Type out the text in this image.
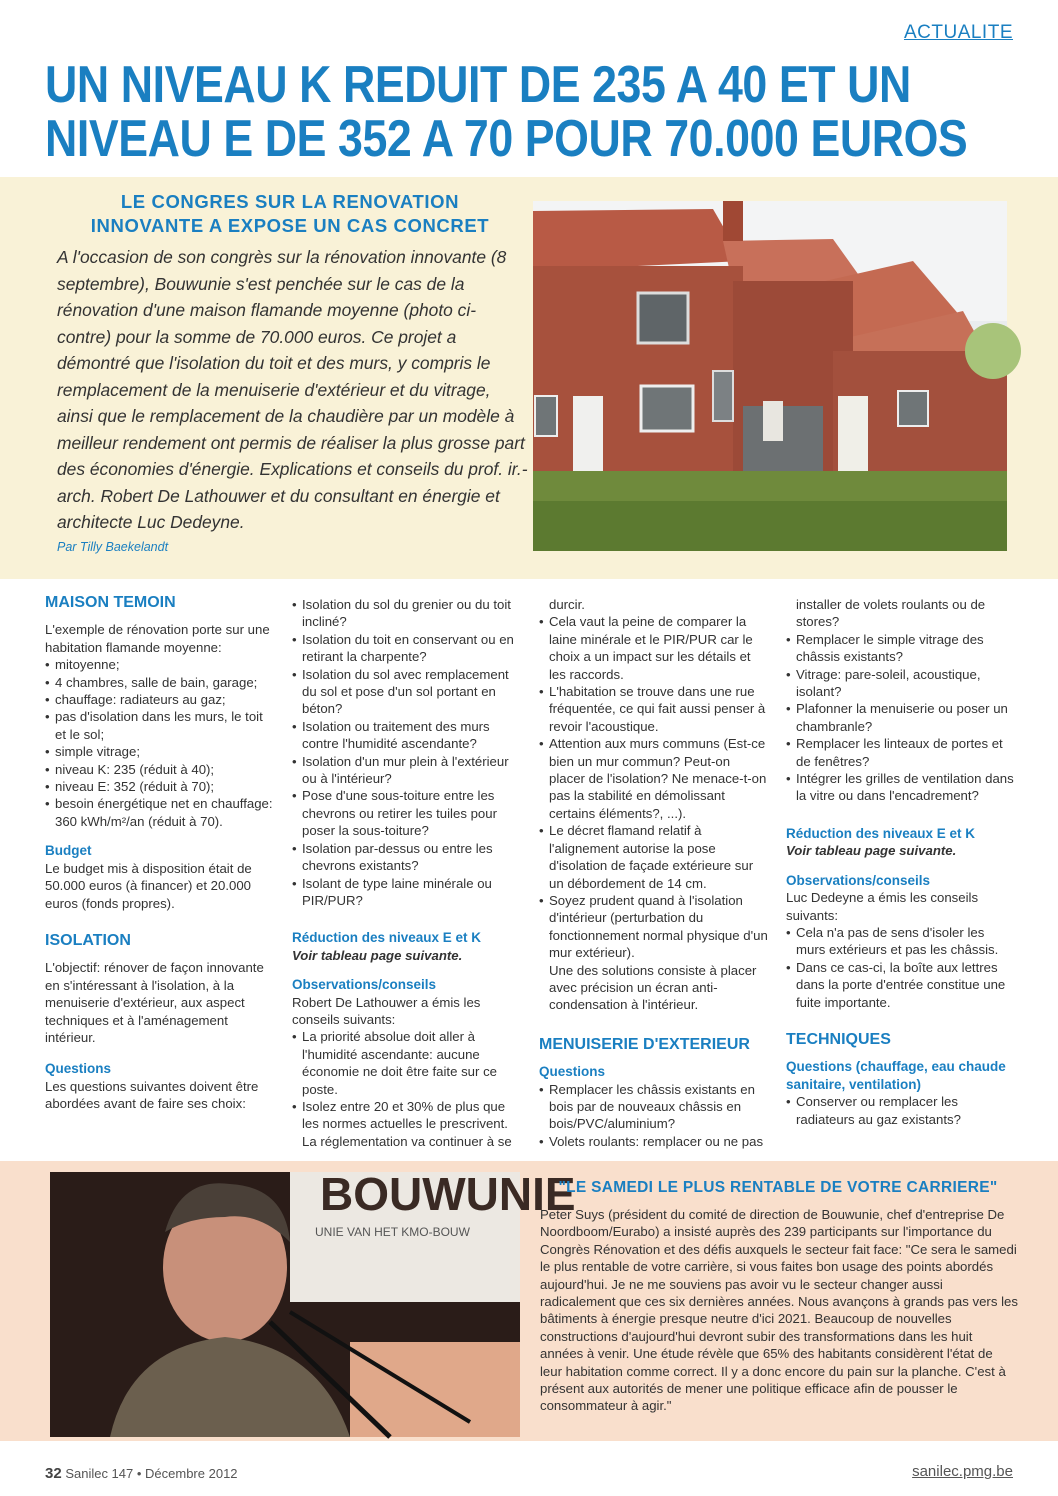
ACTUALITE
UN NIVEAU K REDUIT DE 235 A 40 ET UN
NIVEAU E DE 352 A 70 POUR 70.000 EUROS
LE CONGRES SUR LA RENOVATION
INNOVANTE A EXPOSE UN CAS CONCRET
A l'occasion de son congrès sur la rénovation innovante (8 septembre), Bouwunie s'est penchée sur le cas de la rénovation d'une maison flamande moyenne (photo ci-contre) pour la somme de 70.000 euros. Ce projet a démontré que l'isolation du toit et des murs, y compris le remplacement de la menuiserie d'extérieur et du vitrage, ainsi que le remplacement de la chaudière par un modèle à meilleur rendement ont permis de réaliser la plus grosse part des économies d'énergie. Explications et conseils du prof. ir.-arch. Robert De Lathouwer et du consultant en énergie et architecte Luc Dedeyne.
Par Tilly Baekelandt
MAISON TEMOIN

L'exemple de rénovation porte sur une habitation flamande moyenne:

• mitoyenne;
• 4 chambres, salle de bain, garage;
• chauffage: radiateurs au gaz;
• pas d'isolation dans les murs, le toit et le sol;
• simple vitrage;
• niveau K: 235 (réduit à 40);
• niveau E: 352 (réduit à 70);
• besoin énergétique net en chauffage: 360 kWh/m²/an (réduit à 70).
Budget

Le budget mis à disposition était de 50.000 euros (à financer) et 20.000 euros (fonds propres).

ISOLATION

L'objectif: rénover de façon innovante en s'intéressant à l'isolation, à la menuiserie d'extérieur, aux aspect techniques et à l'aménagement intérieur.

Questions

Les questions suivantes doivent être abordées avant de faire ses choix:

• Isolation du sol du grenier ou du toit incliné?
• Isolation du toit en conservant ou en retirant la charpente?
• Isolation du sol avec remplacement du sol et pose d'un sol portant en béton?
• Isolation ou traitement des murs contre l'humidité ascendante?
• Isolation d'un mur plein à l'extérieur ou à l'intérieur?
• Pose d'une sous-toiture entre les chevrons ou retirer les tuiles pour poser la sous-toiture?
• Isolation par-dessus ou entre les chevrons existants?
• Isolant de type laine minérale ou PIR/PUR?
Réduction des niveaux E et K
Voir tableau page suivante.
Observations/conseils

Robert De Lathouwer a émis les conseils suivants:

• La priorité absolue doit aller à l'humidité ascendante: aucune économie ne doit être faite sur ce poste.
• Isolez entre 20 et 30% de plus que les normes actuelles le prescrivent. La réglementation va continuer à se

durcir.

• Cela vaut la peine de comparer la laine minérale et le PIR/PUR car le choix a un impact sur les détails et les raccords.
• L'habitation se trouve dans une rue fréquentée, ce qui fait aussi penser à revoir l'acoustique.
• Attention aux murs communs (Est-ce bien un mur commun? Peut-on placer de l'isolation? Ne menace-t-on pas la stabilité en démolissant certains éléments?, ...).
• Le décret flamand relatif à l'alignement autorise la pose d'isolation de façade extérieure sur un débordement de 14 cm.
• Soyez prudent quand à l'isolation d'intérieur (perturbation du fonctionnement normal physique d'un mur extérieur).

Une des solutions consiste à placer avec précision un écran anti-condensation à l'intérieur.

MENUISERIE D'EXTERIEUR
Questions
• Remplacer les châssis existants en bois par de nouveaux châssis en bois/PVC/aluminium?
• Volets roulants: remplacer ou ne pas

installer de volets roulants ou de stores?

• Remplacer le simple vitrage des châssis existants?
• Vitrage: pare-soleil, acoustique, isolant?
• Plafonner la menuiserie ou poser un chambranle?
• Remplacer les linteaux de portes et de fenêtres?
• Intégrer les grilles de ventilation dans la vitre ou dans l'encadrement?
Réduction des niveaux E et K
Voir tableau page suivante.
Observations/conseils

Luc Dedeyne a émis les conseils suivants:

• Cela n'a pas de sens d'isoler les murs extérieurs et pas les châssis.
• Dans ce cas-ci, la boîte aux lettres dans la porte d'entrée constitue une fuite importante.
TECHNIQUES
Questions (chauffage, eau chaude sanitaire, ventilation)
• Conserver ou remplacer les radiateurs au gaz existants?
BOUWUNIE
UNIE VAN HET KMO-BOUW
"LE SAMEDI LE PLUS RENTABLE DE VOTRE CARRIERE"
Peter Suys (président du comité de direction de Bouwunie, chef d'entreprise De Noordboom/Eurabo) a insisté auprès des 239 participants sur l'importance du Congrès Rénovation et des défis auxquels le secteur fait face: "Ce sera le samedi le plus rentable de votre carrière, si vous faites bon usage des points abordés aujourd'hui. Je ne me souviens pas avoir vu le secteur changer aussi radicalement que ces six dernières années. Nous avançons à grands pas vers les bâtiments à énergie presque neutre d'ici 2021. Beaucoup de nouvelles constructions d'aujourd'hui devront subir des transformations dans les huit années à venir. Une étude révèle que 65% des habitants considèrent l'état de leur habitation comme correct. Il y a donc encore du pain sur la planche. C'est à présent aux autorités de mener une politique efficace afin de pousser le consommateur à agir."
32 Sanilec 147 • Décembre 2012	sanilec.pmg.be
